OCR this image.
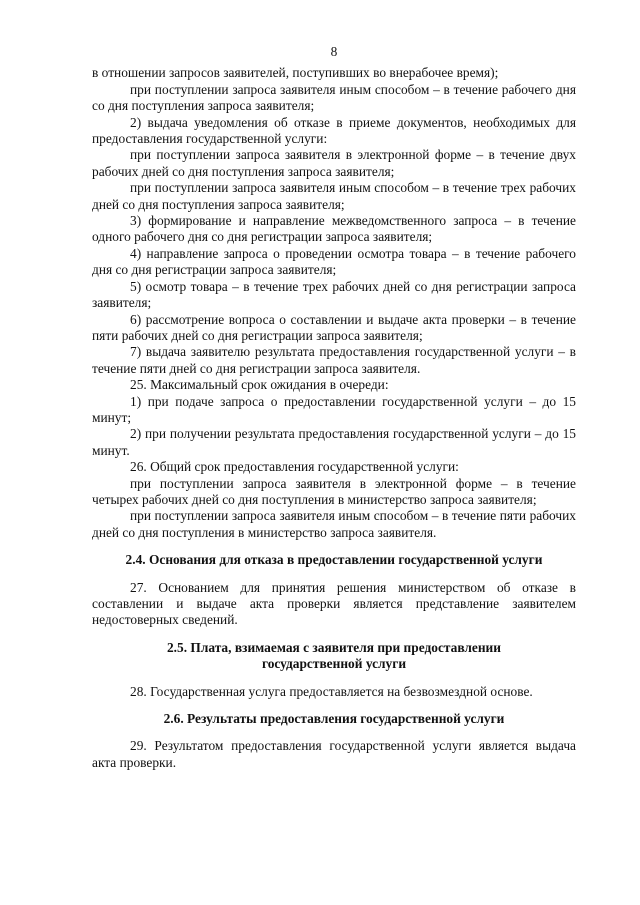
8

в отношении запросов заявителей, поступивших во внерабочее время);

при поступлении запроса заявителя иным способом – в течение рабочего дня со дня поступления запроса заявителя;

2) выдача уведомления об отказе в приеме документов, необходимых для предоставления государственной услуги:

при поступлении запроса заявителя в электронной форме – в течение двух рабочих дней со дня поступления запроса заявителя;

при поступлении запроса заявителя иным способом – в течение трех рабочих дней со дня поступления запроса заявителя;

3) формирование и направление межведомственного запроса – в течение одного рабочего дня со дня регистрации запроса заявителя;

4) направление запроса о проведении осмотра товара – в течение рабочего дня со дня регистрации запроса заявителя;

5) осмотр товара – в течение трех рабочих дней со дня регистрации запроса заявителя;

6) рассмотрение вопроса о составлении и выдаче акта проверки – в течение пяти рабочих дней со дня регистрации запроса заявителя;

7) выдача заявителю результата предоставления государственной услуги – в течение пяти дней со дня регистрации запроса заявителя.

25. Максимальный срок ожидания в очереди:

1) при подаче запроса о предоставлении государственной услуги – до 15 минут;

2) при получении результата предоставления государственной услуги – до 15 минут.

26. Общий срок предоставления государственной услуги:

при поступлении запроса заявителя в электронной форме – в течение четырех рабочих дней со дня поступления в министерство запроса заявителя;

при поступлении запроса заявителя иным способом – в течение пяти рабочих дней со дня поступления в министерство запроса заявителя.

2.4. Основания для отказа в предоставлении государственной услуги

27. Основанием для принятия решения министерством об отказе в составлении и выдаче акта проверки является представление заявителем недостоверных сведений.

2.5. Плата, взимаемая с заявителя при предоставлении

государственной услуги

28. Государственная услуга предоставляется на безвозмездной основе.

2.6. Результаты предоставления государственной услуги

29. Результатом предоставления государственной услуги является выдача акта проверки.
